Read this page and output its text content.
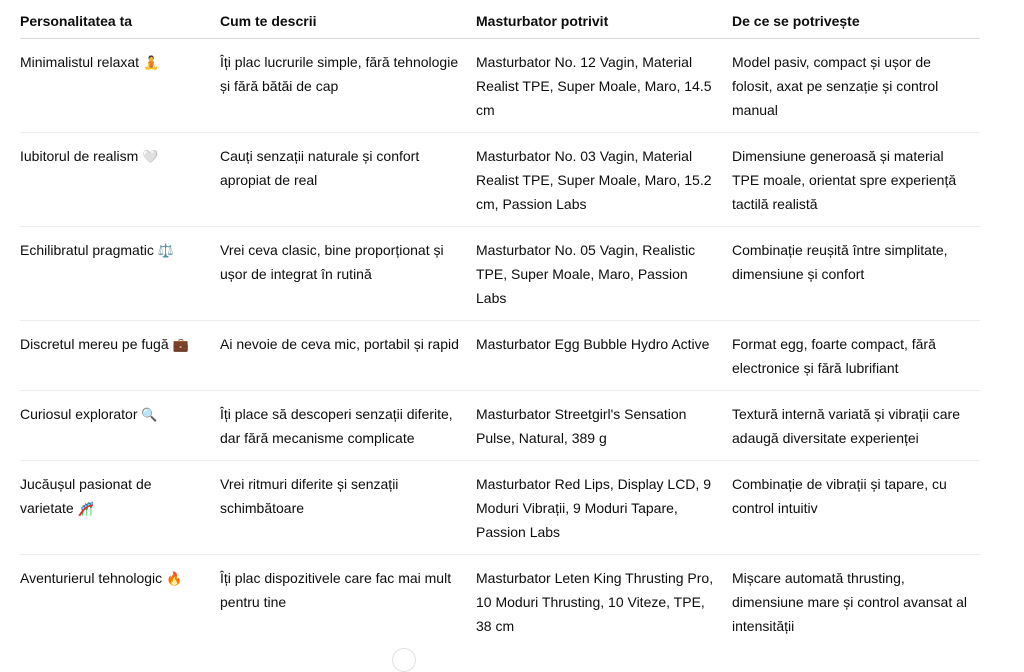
Personalitatea ta	Cum te descrii	Masturbator potrivit	De ce se potrivește
Minimalistul relaxat 🧘	Îți plac lucrurile simple, fără tehnologie și fără bătăi de cap	Masturbator No. 12 Vagin, Material Realist TPE, Super Moale, Maro, 14.5 cm	Model pasiv, compact și ușor de folosit, axat pe senzație și control manual
Iubitorul de realism 🤍	Cauți senzații naturale și confort apropiat de real	Masturbator No. 03 Vagin, Material Realist TPE, Super Moale, Maro, 15.2 cm, Passion Labs	Dimensiune generoasă și material TPE moale, orientat spre experiență tactilă realistă
Echilibratul pragmatic ⚖️	Vrei ceva clasic, bine proporționat și ușor de integrat în rutină	Masturbator No. 05 Vagin, Realistic TPE, Super Moale, Maro, Passion Labs	Combinație reușită între simplitate, dimensiune și confort
Discretul mereu pe fugă 💼	Ai nevoie de ceva mic, portabil și rapid	Masturbator Egg Bubble Hydro Active	Format egg, foarte compact, fără electronice și fără lubrifiant
Curiosul explorator 🔍	Îți place să descoperi senzații diferite, dar fără mecanisme complicate	Masturbator Streetgirl's Sensation Pulse, Natural, 389 g	Textură internă variată și vibrații care adaugă diversitate experienței
Jucăușul pasionat de varietate 🎢	Vrei ritmuri diferite și senzații schimbătoare	Masturbator Red Lips, Display LCD, 9 Moduri Vibrații, 9 Moduri Tapare, Passion Labs	Combinație de vibrații și tapare, cu control intuitiv
Aventurierul tehnologic 🔥	Îți plac dispozitivele care fac mai mult pentru tine	Masturbator Leten King Thrusting Pro, 10 Moduri Thrusting, 10 Viteze, TPE, 38 cm	Mișcare automată thrusting, dimensiune mare și control avansat al intensității
